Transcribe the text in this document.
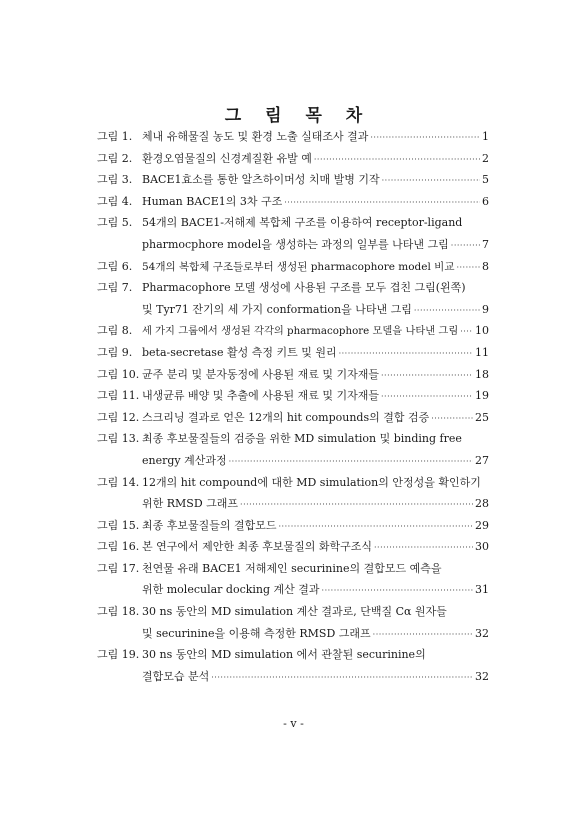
그 림 목 차
그림 1. 체내 유해물질 농도 및 환경 노출 실태조사 결과 ·····	1
그림 2. 환경오염물질의 신경계질환 유발 예 ·····	2
그림 3. BACE1효소를 통한 알츠하이머성 치매 발병 기작 ·····	5
그림 4. Human BACE1의 3차 구조 ·····	6
그림 5. 54개의 BACE1-저해제 복합체 구조를 이용하여 receptor-ligand
pharmocphore model을 생성하는 과정의 일부를 나타낸 그림 ·····	7
그림 6. 54개의 복합체 구조들로부터 생성된 pharmacophore model 비교 ·····	8
그림 7. Pharmacophore 모델 생성에 사용된 구조를 모두 겹친 그림(왼쪽)
및 Tyr71 잔기의 세 가지 conformation을 나타낸 그림 ·····	9
그림 8. 세 가지 그룹에서 생성된 각각의 pharmacophore 모델을 나타낸 그림 ····· 10
그림 9. beta-secretase 활성 측정 키트 및 원리 ·····	11
그림 10. 균주 분리 및 분자동정에 사용된 재료 및 기자재들 ·····	18
그림 11. 내생균류 배양 및 추출에 사용된 재료 및 기자재들 ·····	19
그림 12. 스크리닝 결과로 얻은 12개의 hit compounds의 결합 검증 ·····	25
그림 13. 최종 후보물질들의 검증을 위한 MD simulation 및 binding free
energy 계산과정 ·····	27
그림 14. 12개의 hit compound에 대한 MD simulation의 안정성을 확인하기
위한 RMSD 그래프 ·····	28
그림 15. 최종 후보물질들의 결합모드 ·····	29
그림 16. 본 연구에서 제안한 최종 후보물질의 화학구조식 ·····	30
그림 17. 천연물 유래 BACE1 저해제인 securinine의 결합모드 예측을
위한 molecular docking 계산 결과 ·····	31
그림 18. 30 ns 동안의 MD simulation 계산 결과로, 단백질 Cα 원자들
및 securinine을 이용해 측정한 RMSD 그래프 ·····	32
그림 19. 30 ns 동안의 MD simulation 에서 관찰된 securinine의
결합모습 분석 ·····	32
- v -
